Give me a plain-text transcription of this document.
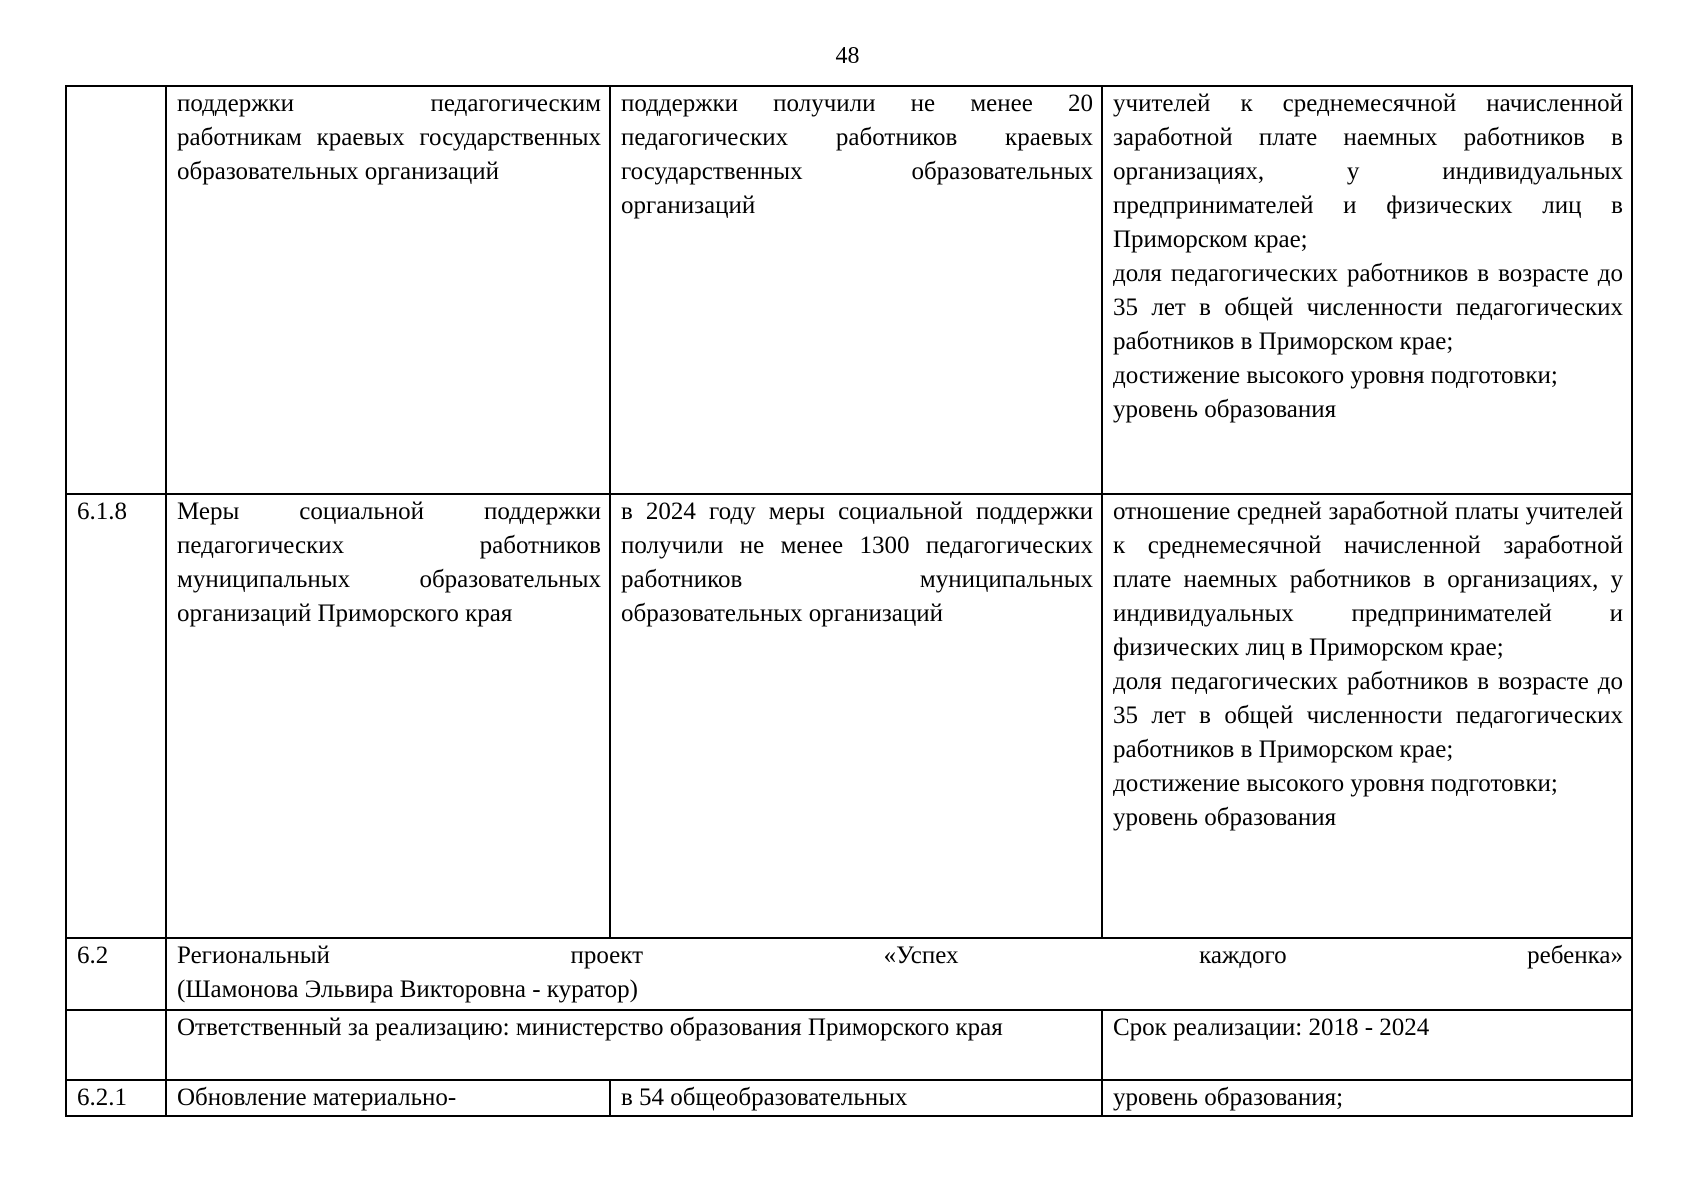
48
	поддержки педагогическим работникам краевых государственных образовательных организаций	поддержки получили не менее 20 педагогических работников краевых государственных образовательных организаций	учителей к среднемесячной начисленной заработной плате наемных работников в организациях, у индивидуальных предпринимателей и физических лиц в Приморском крае;
доля педагогических работников в возрасте до 35 лет в общей численности педагогических работников в Приморском крае;
достижение высокого уровня подготовки;
уровень образования

6.1.8	Меры социальной поддержки педагогических работников муниципальных образовательных организаций Приморского края	в 2024 году меры социальной поддержки получили не менее 1300 педагогических работников муниципальных образовательных организаций	отношение средней заработной платы учителей к среднемесячной начисленной заработной плате наемных работников в организациях, у индивидуальных предпринимателей и физических лиц в Приморском крае;
доля педагогических работников в возрасте до 35 лет в общей численности педагогических работников в Приморском крае;
достижение высокого уровня подготовки;
уровень образования

6.2	Региональный проект «Успех каждого ребенка»
(Шамонова Эльвира Викторовна - куратор)		

	Ответственный за реализацию: министерство образования Приморского края		Срок реализации: 2018 - 2024
6.2.1	Обновление материально-	в 54 общеобразовательных	уровень образования;
